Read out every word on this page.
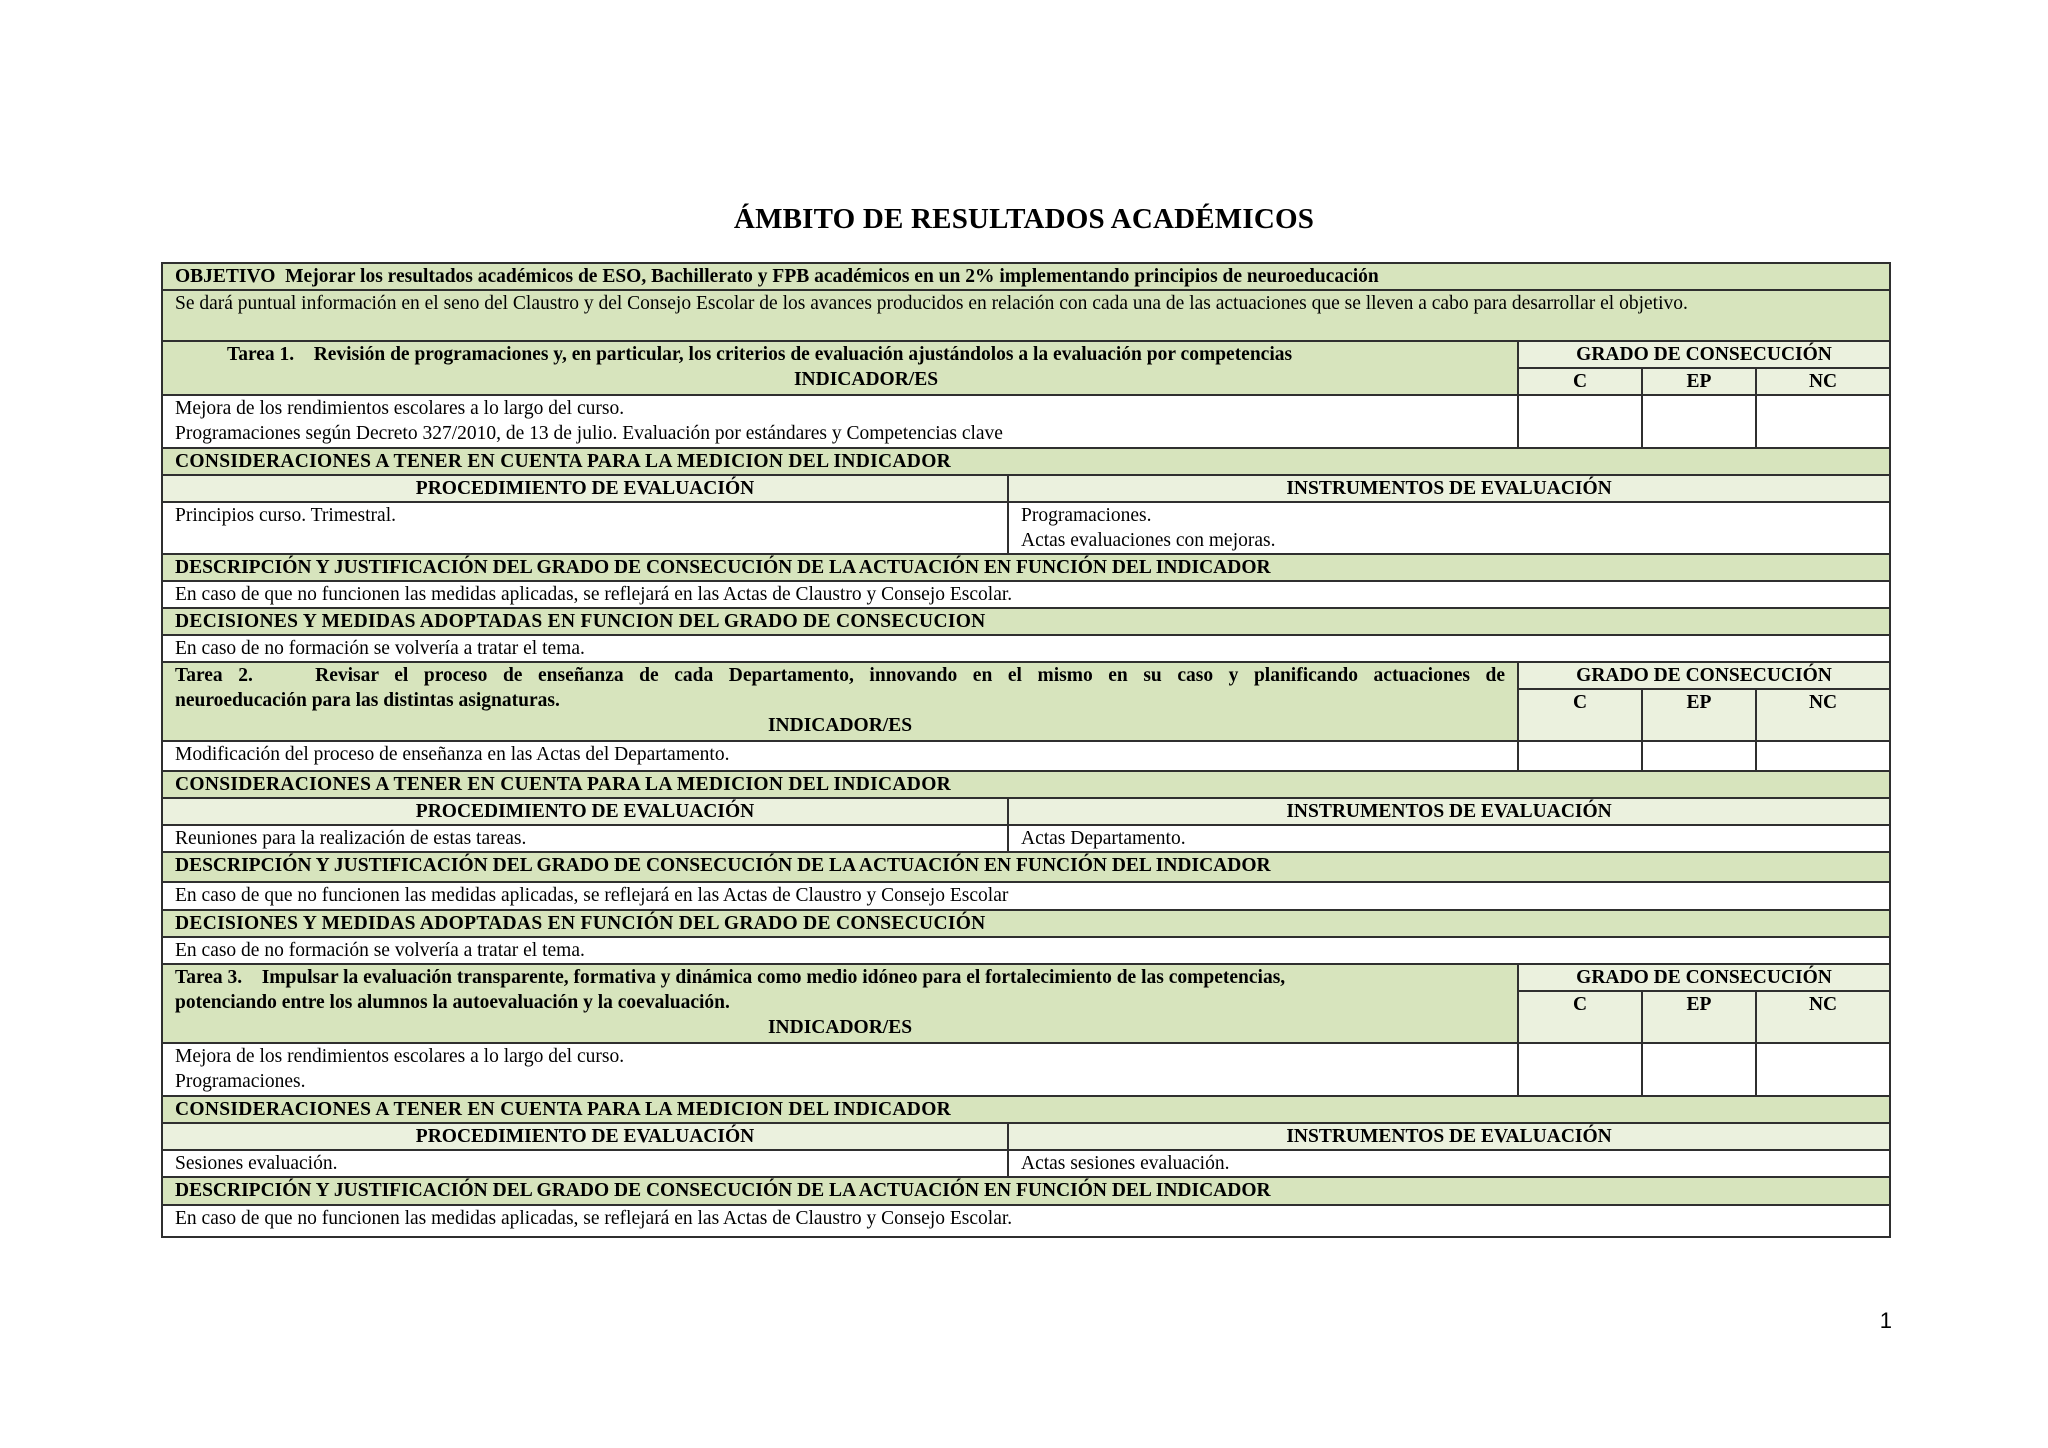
ÁMBITO DE RESULTADOS ACADÉMICOS
OBJETIVO Mejorar los resultados académicos de ESO, Bachillerato y FPB académicos en un 2% implementando principios de neuroeducación				
Se dará puntual información en el seno del Claustro y del Consejo Escolar de los avances producidos en relación con cada una de las actuaciones que se lleven a cabo para desarrollar el objetivo.				
Tarea 1. Revisión de programaciones y, en particular, los criterios de evaluación ajustándolos a la evaluación por competencias
INDICADOR/ES		GRADO DE CONSECUCIÓN		
		C	EP	NC

Mejora de los rendimientos escolares a lo largo del curso.
Programaciones según Decreto 327/2010, de 13 de julio. Evaluación por estándares y Competencias clave				

CONSIDERACIONES A TENER EN CUENTA PARA LA MEDICION DEL INDICADOR				
PROCEDIMIENTO DE EVALUACIÓN	INSTRUMENTOS DE EVALUACIÓN			
Principios curso. Trimestral.	Programaciones.
Actas evaluaciones con mejoras.			

DESCRIPCIÓN Y JUSTIFICACIÓN DEL GRADO DE CONSECUCIÓN DE LA ACTUACIÓN EN FUNCIÓN DEL INDICADOR				
En caso de que no funcionen las medidas aplicadas, se reflejará en las Actas de Claustro y Consejo Escolar.				
DECISIONES Y MEDIDAS ADOPTADAS EN FUNCION DEL GRADO DE CONSECUCION				
En caso de no formación se volvería a tratar el tema.				

Tarea 2. Revisar el proceso de enseñanza de cada Departamento, innovando en el mismo en su caso y planificando actuaciones de
neuroeducación para las distintas asignaturas.
INDICADOR/ES		GRADO DE CONSECUCIÓN		
		C	EP	NC
Modificación del proceso de enseñanza en las Actas del Departamento.				
CONSIDERACIONES A TENER EN CUENTA PARA LA MEDICION DEL INDICADOR				
PROCEDIMIENTO DE EVALUACIÓN	INSTRUMENTOS DE EVALUACIÓN			
Reuniones para la realización de estas tareas.	Actas Departamento.			
DESCRIPCIÓN Y JUSTIFICACIÓN DEL GRADO DE CONSECUCIÓN DE LA ACTUACIÓN EN FUNCIÓN DEL INDICADOR				
En caso de que no funcionen las medidas aplicadas, se reflejará en las Actas de Claustro y Consejo Escolar				
DECISIONES Y MEDIDAS ADOPTADAS EN FUNCIÓN DEL GRADO DE CONSECUCIÓN				
En caso de no formación se volvería a tratar el tema.				

Tarea 3. Impulsar la evaluación transparente, formativa y dinámica como medio idóneo para el fortalecimiento de las competencias,
potenciando entre los alumnos la autoevaluación y la coevaluación.
INDICADOR/ES		GRADO DE CONSECUCIÓN		
		C	EP	NC

Mejora de los rendimientos escolares a lo largo del curso.
Programaciones.				

CONSIDERACIONES A TENER EN CUENTA PARA LA MEDICION DEL INDICADOR				
PROCEDIMIENTO DE EVALUACIÓN	INSTRUMENTOS DE EVALUACIÓN			
Sesiones evaluación.	Actas sesiones evaluación.			
DESCRIPCIÓN Y JUSTIFICACIÓN DEL GRADO DE CONSECUCIÓN DE LA ACTUACIÓN EN FUNCIÓN DEL INDICADOR				
En caso de que no funcionen las medidas aplicadas, se reflejará en las Actas de Claustro y Consejo Escolar.				
1
